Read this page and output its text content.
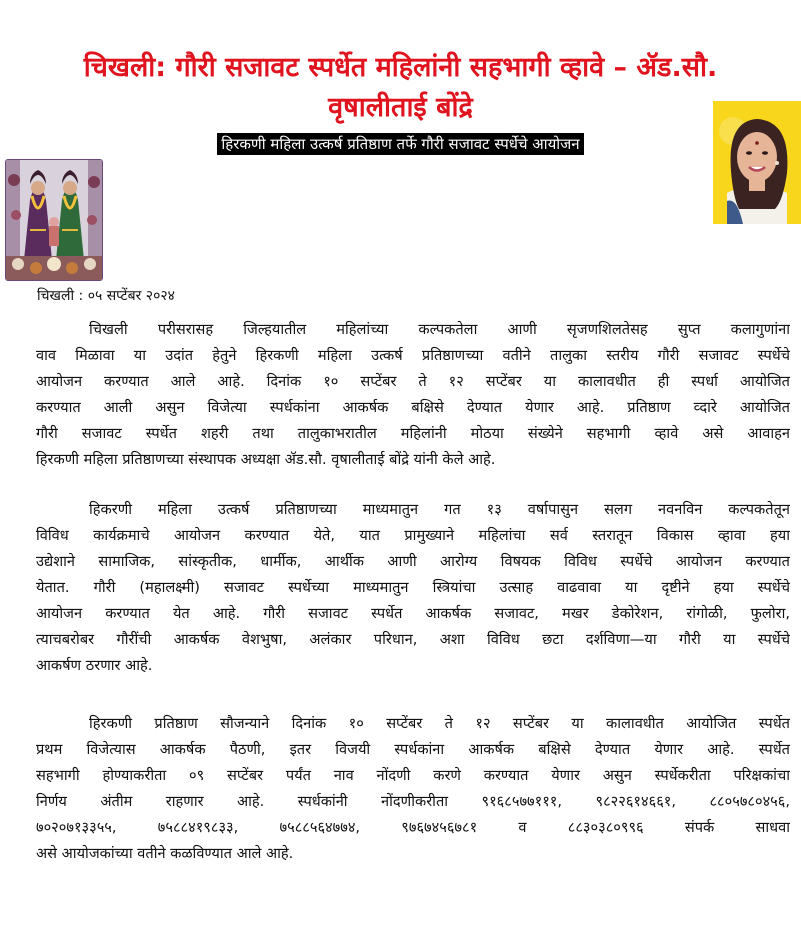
चिखली: गौरी सजावट स्पर्धेत महिलांनी सहभागी व्हावे – ॲड.सौ.
वृषालीताई बोंद्रे
हिरकणी महिला उत्कर्ष प्रतिष्ठाण तर्फे गौरी सजावट स्पर्धेचे आयोजन
चिखली : ०५ सप्टेंबर २०२४
चिखली परीसरासह जिल्हयातील महिलांच्या कल्पकतेला आणी सृजणशिलतेसह सुप्त कलागुणांना
वाव मिळावा या उदांत हेतुने हिरकणी महिला उत्कर्ष प्रतिष्ठाणच्या वतीने तालुका स्तरीय गौरी सजावट स्पर्धेचे
आयोजन करण्यात आले आहे. दिनांक १० सप्टेंबर ते १२ सप्टेंबर या कालावधीत ही स्पर्धा आयोजित
करण्यात आली असुन विजेत्या स्पर्धकांना आकर्षक बक्षिसे देण्यात येणार आहे. प्रतिष्ठाण व्दारे आयोजित
गौरी सजावट स्पर्धेत शहरी तथा तालुकाभरातील महिलांनी मोठया संख्येने सहभागी व्हावे असे आवाहन
हिरकणी महिला प्रतिष्ठाणच्या संस्थापक अध्यक्षा ॲड.सौ. वृषालीताई बोंद्रे यांनी केले आहे.
हिकरणी महिला उत्कर्ष प्रतिष्ठाणच्या माध्यमातुन गत १३ वर्षापासुन सलग नवनविन कल्पकतेतून
विविध कार्यक्रमाचे आयोजन करण्यात येते, यात प्रामुख्याने महिलांचा सर्व स्तरातून विकास व्हावा हया
उद्येशाने सामाजिक, सांस्कृतीक, धार्मीक, आर्थीक आणी आरोग्य विषयक विविध स्पर्धेचे आयोजन करण्यात
येतात. गौरी (महालक्ष्मी) सजावट स्पर्धेच्या माध्यमातुन स्त्रियांचा उत्साह वाढवावा या दृष्टीने हया स्पर्धेचे
आयोजन करण्यात येत आहे. गौरी सजावट स्पर्धेत आकर्षक सजावट, मखर डेकोरेशन, रांगोळी, फुलोरा,
त्याचबरोबर गौरींची आकर्षक वेशभुषा, अलंकार परिधान, अशा विविध छटा दर्शविणा—या गौरी या स्पर्धेचे
आकर्षण ठरणार आहे.
हिरकणी प्रतिष्ठाण सौजन्याने दिनांक १० सप्टेंबर ते १२ सप्टेंबर या कालावधीत आयोजित स्पर्धेत
प्रथम विजेत्यास आकर्षक पैठणी, इतर विजयी स्पर्धकांना आकर्षक बक्षिसे देण्यात येणार आहे. स्पर्धेत
सहभागी होण्याकरीता ०९ सप्टेंबर पर्यंत नाव नोंदणी करणे करण्यात येणार असुन स्पर्धेकरीता परिक्षकांचा
निर्णय अंतीम राहणार आहे. स्पर्धकांनी नोंदणीकरीता ९१६८५७७१११, ९८२२६१४६६१, ८८०५७८०४५६,
७०२०७१३३५५, ७५८८४१९८३३, ७५८८५६४७७४, ९७६७४५६७८१ व ८८३०३८०९९६ संपर्क साधवा
असे आयोजकांच्या वतीने कळविण्यात आले आहे.
